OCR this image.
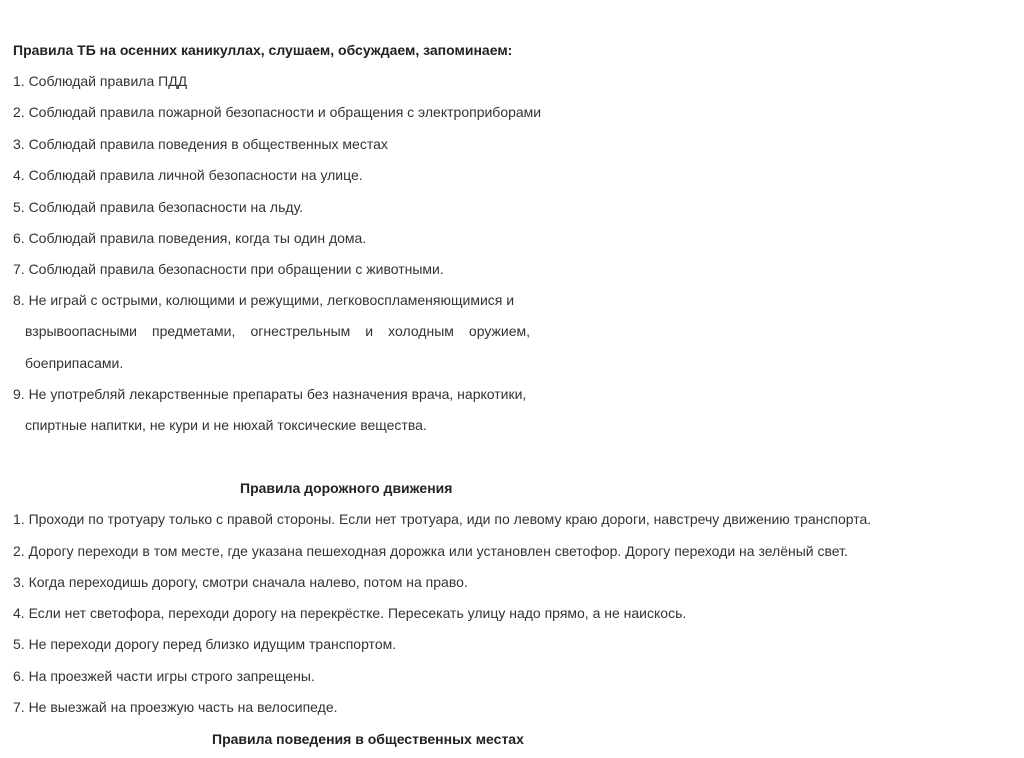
Правила ТБ на осенних каникуллах, слушаем, обсуждаем, запоминаем:
1. Соблюдай правила ПДД
2. Соблюдай правила пожарной безопасности и обращения с электроприборами
3. Соблюдай правила поведения в общественных местах
4. Соблюдай правила личной безопасности на улице.
5. Соблюдай правила безопасности на льду.
6. Соблюдай правила поведения, когда ты один дома.
7. Соблюдай правила безопасности при обращении с животными.
8. Не играй с острыми, колющими и режущими, легковоспламеняющимися и
взрывоопасными предметами, огнестрельным и холодным оружием,
боеприпасами.
9. Не употребляй лекарственные препараты без назначения врача, наркотики,
спиртные напитки, не кури и не нюхай токсические вещества.
Правила дорожного движения
1. Проходи по тротуару только с правой стороны. Если нет тротуара, иди по левому краю дороги, навстречу движению транспорта.
2. Дорогу переходи в том месте, где указана пешеходная дорожка или установлен светофор. Дорогу переходи на зелёный свет.
3. Когда переходишь дорогу, смотри сначала налево, потом на право.
4. Если нет светофора, переходи дорогу на перекрёстке. Пересекать улицу надо прямо, а не наискось.
5. Не переходи дорогу перед близко идущим транспортом.
6. На проезжей части игры строго запрещены.
7. Не выезжай на проезжую часть на велосипеде.
Правила поведения в общественных местах
